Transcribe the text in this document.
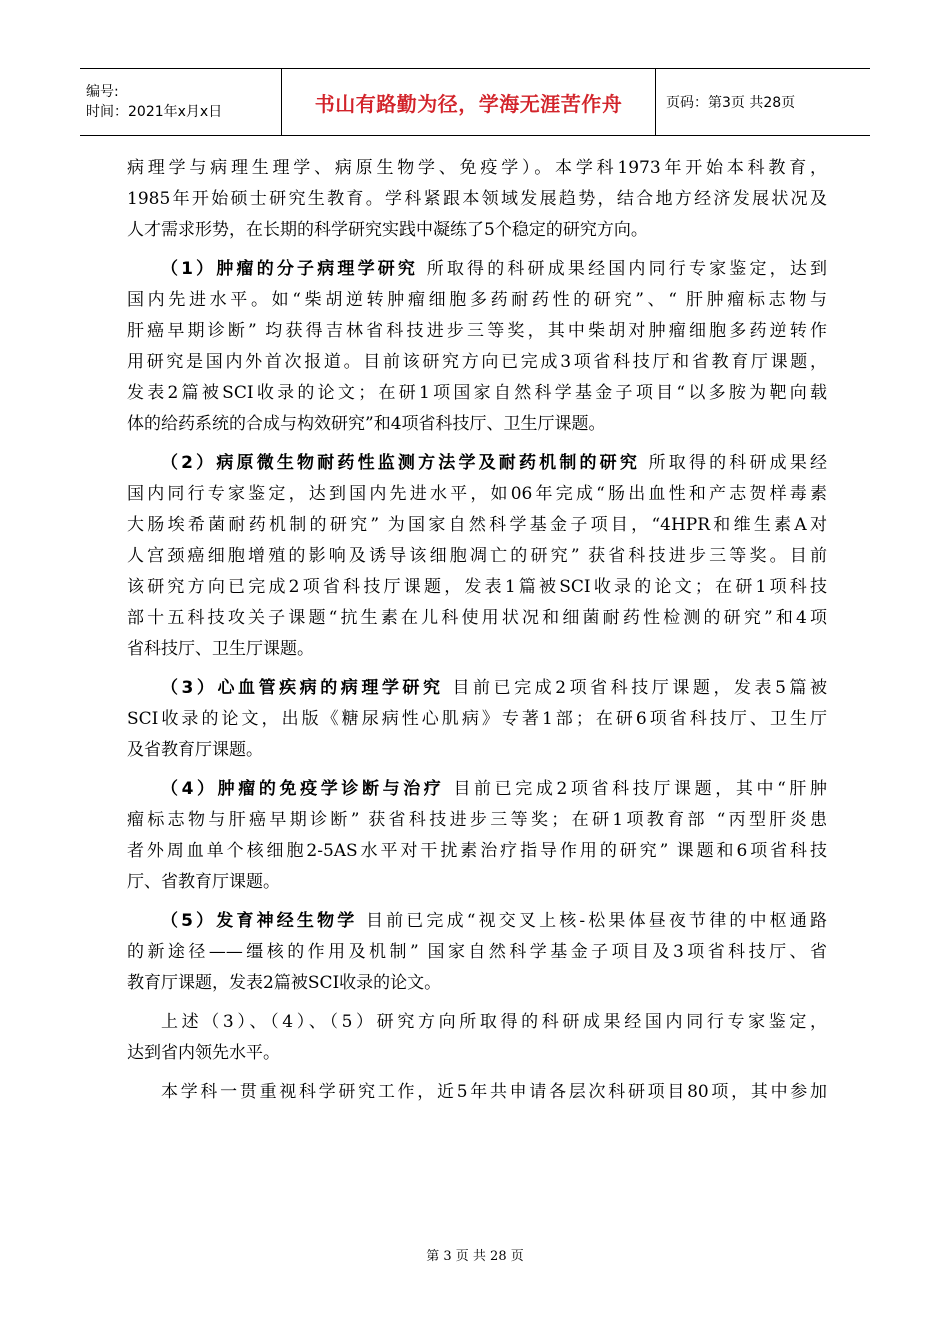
编号:
时间：2021年x月x日	书山有路勤为径，学海无涯苦作舟	页码：第3页 共28页
病理学与病理生理学、病原生物学、免疫学）。本学科1973年开始本科教育，
1985年开始硕士研究生教育。学科紧跟本领域发展趋势，结合地方经济发展状况及
人才需求形势，在长期的科学研究实践中凝练了5个稳定的研究方向。
（1）肿瘤的分子病理学研究 所取得的科研成果经国内同行专家鉴定，达到
国内先进水平。如“柴胡逆转肿瘤细胞多药耐药性的研究”、“ 肝肿瘤标志物与
肝癌早期诊断” 均获得吉林省科技进步三等奖，其中柴胡对肿瘤细胞多药逆转作
用研究是国内外首次报道。目前该研究方向已完成3项省科技厅和省教育厅课题，
发表2篇被SCI收录的论文；在研1项国家自然科学基金子项目“以多胺为靶向载
体的给药系统的合成与构效研究”和4项省科技厅、卫生厅课题。
（2）病原微生物耐药性监测方法学及耐药机制的研究 所取得的科研成果经
国内同行专家鉴定，达到国内先进水平，如06年完成“肠出血性和产志贺样毒素
大肠埃希菌耐药机制的研究” 为国家自然科学基金子项目，“4HPR和维生素A对
人宫颈癌细胞增殖的影响及诱导该细胞凋亡的研究” 获省科技进步三等奖。目前
该研究方向已完成2项省科技厅课题，发表1篇被SCI收录的论文；在研1项科技
部十五科技攻关子课题“抗生素在儿科使用状况和细菌耐药性检测的研究”和4项
省科技厅、卫生厅课题。
（3）心血管疾病的病理学研究 目前已完成2项省科技厅课题，发表5篇被
SCI收录的论文，出版《糖尿病性心肌病》专著1部；在研6项省科技厅、卫生厅
及省教育厅课题。
（4）肿瘤的免疫学诊断与治疗 目前已完成2项省科技厅课题，其中“肝肿
瘤标志物与肝癌早期诊断” 获省科技进步三等奖；在研1项教育部 “丙型肝炎患
者外周血单个核细胞2-5AS水平对干扰素治疗指导作用的研究” 课题和6项省科技
厅、省教育厅课题。
（5）发育神经生物学 目前已完成“视交叉上核-松果体昼夜节律的中枢通路
的新途径——缰核的作用及机制” 国家自然科学基金子项目及3项省科技厅、省
教育厅课题，发表2篇被SCI收录的论文。
上述（3）、（4）、（5）研究方向所取得的科研成果经国内同行专家鉴定，
达到省内领先水平。
本学科一贯重视科学研究工作，近5年共申请各层次科研项目80项，其中参加
第 3 页 共 28 页
